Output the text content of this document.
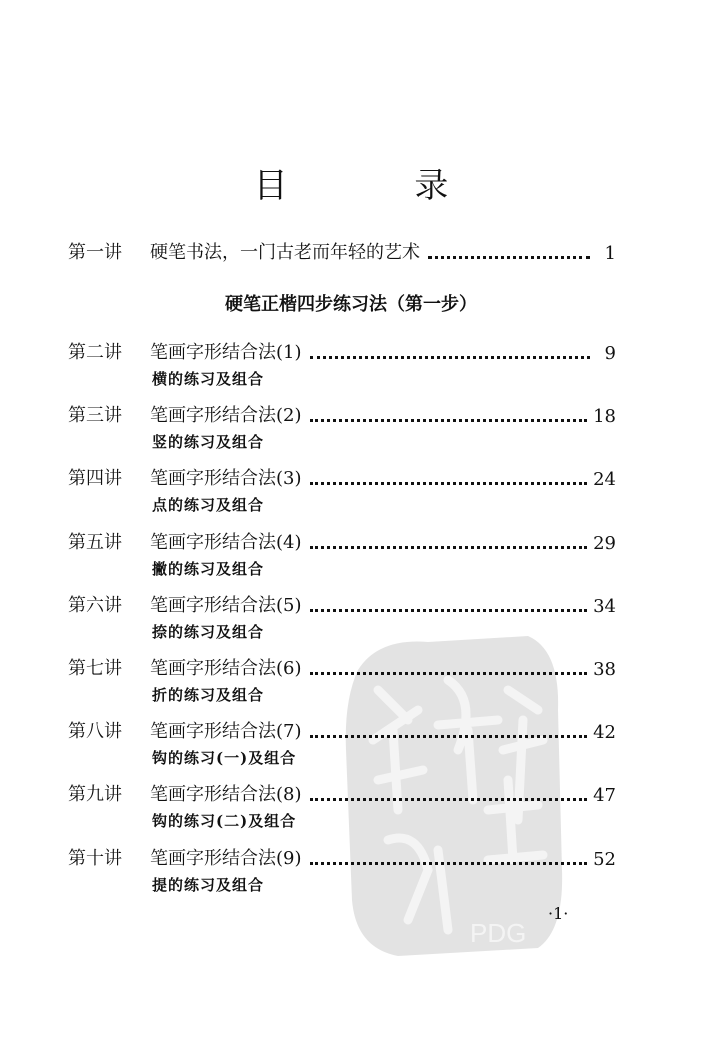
PDG
目 录
第一讲	硬笔书法，一门古老而年轻的艺术	1
硬笔正楷四步练习法（第一步）
第二讲	笔画字形结合法(1)	9
横的练习及组合
第三讲	笔画字形结合法(2)	18
竖的练习及组合
第四讲	笔画字形结合法(3)	24
点的练习及组合
第五讲	笔画字形结合法(4)	29
撇的练习及组合
第六讲	笔画字形结合法(5)	34
捺的练习及组合
第七讲	笔画字形结合法(6)	38
折的练习及组合
第八讲	笔画字形结合法(7)	42
钩的练习(一)及组合
第九讲	笔画字形结合法(8)	47
钩的练习(二)及组合
第十讲	笔画字形结合法(9)	52
提的练习及组合
·1·
